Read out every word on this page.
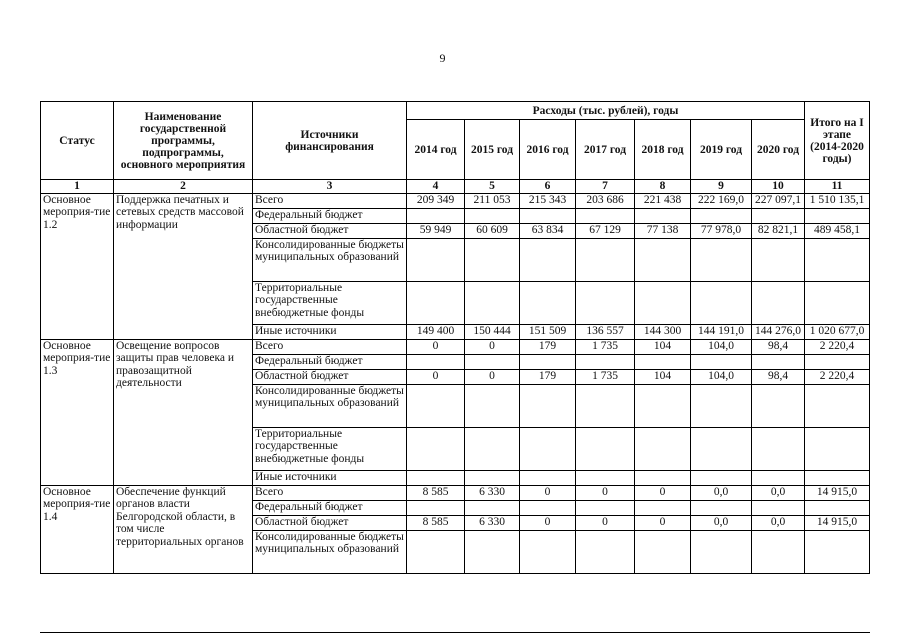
9
Статус	Наименование государственной программы, подпрограммы, основного мероприятия	Источники финансирования	Расходы (тыс. рублей), годы							Итого на I этапе (2014-2020 годы)
			2014 год	2015 год	2016 год	2017 год	2018 год	2019 год	2020 год	
1	2	3	4	5	6	7	8	9	10	11
Основное мероприя-тие 1.2	Поддержка печатных и сетевых средств массовой информации	Всего	209 349	211 053	215 343	203 686	221 438	222 169,0	227 097,1	1 510 135,1
		Федеральный бюджет								
		Областной бюджет	59 949	60 609	63 834	67 129	77 138	77 978,0	82 821,1	489 458,1
		Консолидированные бюджеты муниципальных образований								
		Территориальные государственные внебюджетные фонды								
		Иные источники	149 400	150 444	151 509	136 557	144 300	144 191,0	144 276,0	1 020 677,0
Основное мероприя-тие 1.3	Освещение вопросов защиты прав человека и правозащитной деятельности	Всего	0	0	179	1 735	104	104,0	98,4	2 220,4
		Федеральный бюджет								
		Областной бюджет	0	0	179	1 735	104	104,0	98,4	2 220,4
		Консолидированные бюджеты муниципальных образований								
		Территориальные государственные внебюджетные фонды								
		Иные источники								
Основное мероприя-тие 1.4	Обеспечение функций органов власти Белгородской области, в том числе территориальных органов	Всего	8 585	6 330	0	0	0	0,0	0,0	14 915,0
		Федеральный бюджет								
		Областной бюджет	8 585	6 330	0	0	0	0,0	0,0	14 915,0
		Консолидированные бюджеты муниципальных образований								
